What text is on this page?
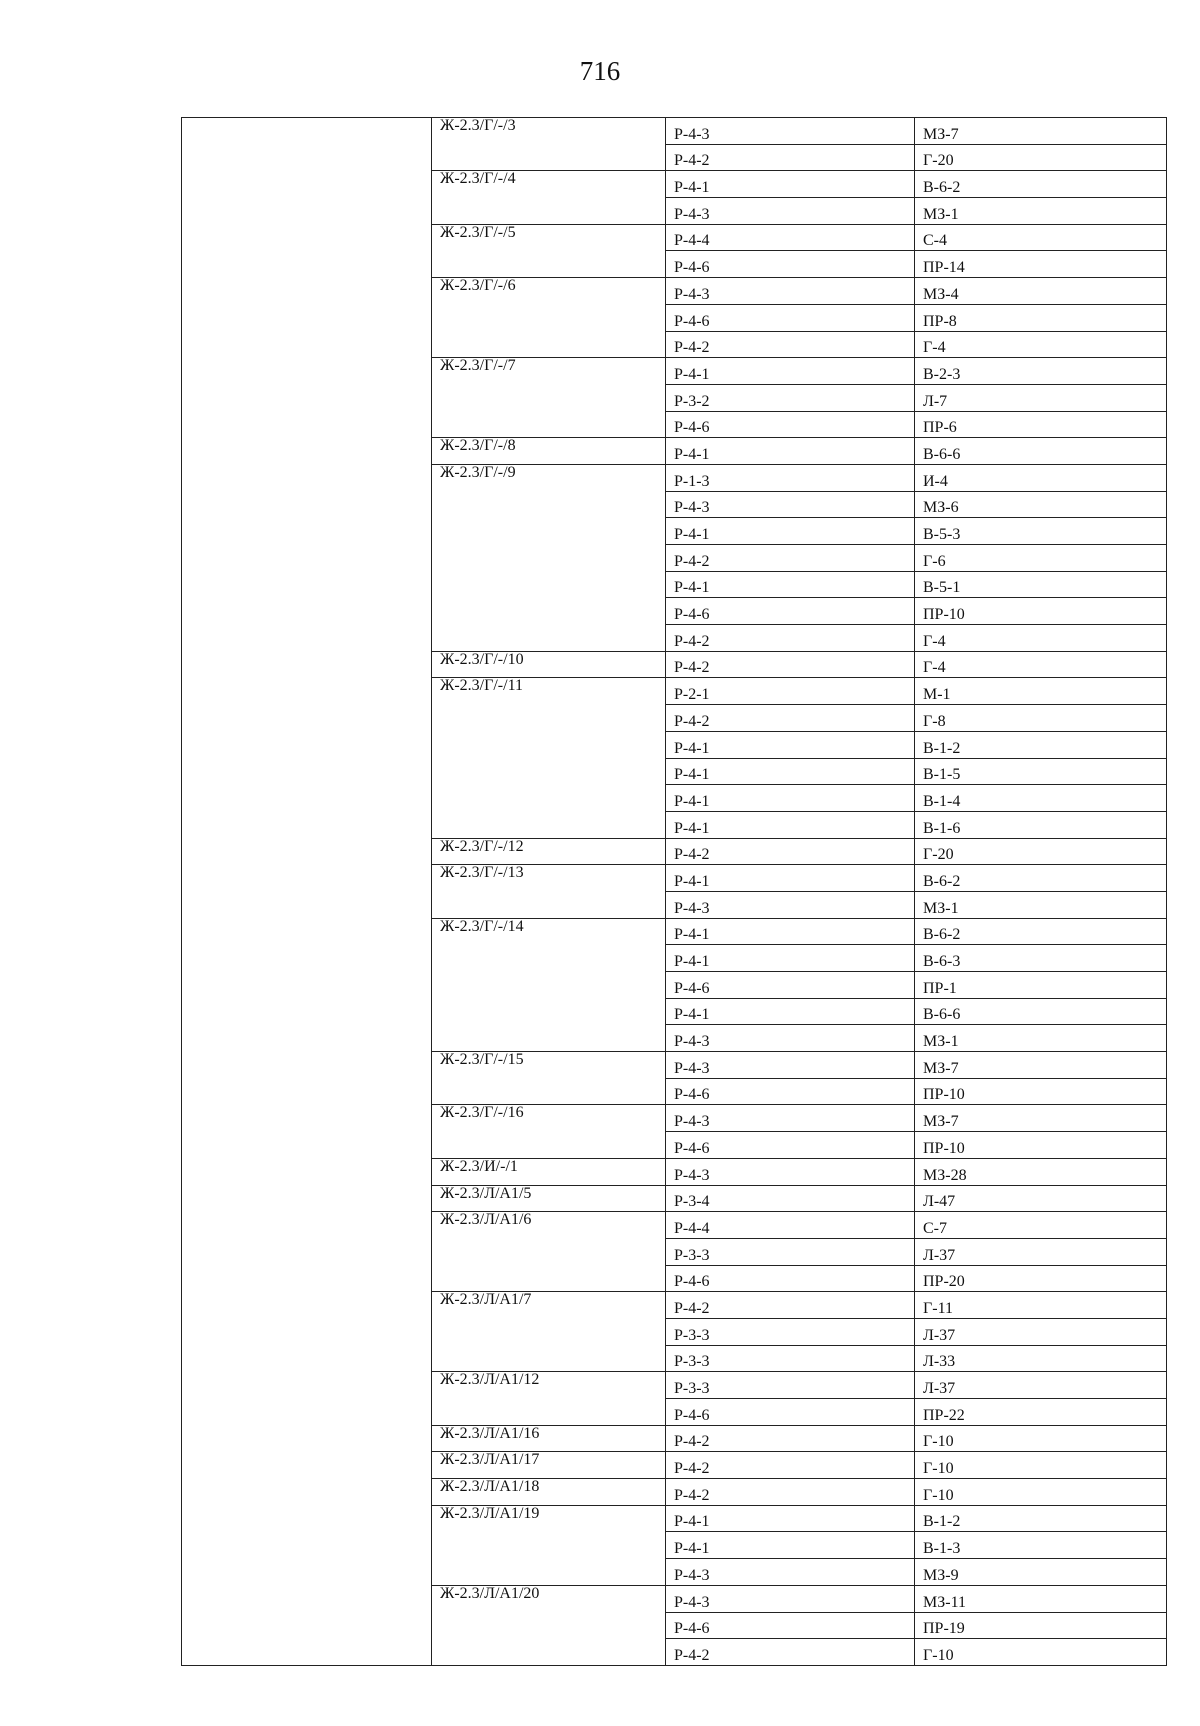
716
	Ж-2.3/Г/-/3	Р-4-3	МЗ-7
		Р-4-2	Г-20
	Ж-2.3/Г/-/4	Р-4-1	В-6-2
		Р-4-3	МЗ-1
	Ж-2.3/Г/-/5	Р-4-4	С-4
		Р-4-6	ПР-14
	Ж-2.3/Г/-/6	Р-4-3	МЗ-4
		Р-4-6	ПР-8
		Р-4-2	Г-4
	Ж-2.3/Г/-/7	Р-4-1	В-2-3
		Р-3-2	Л-7
		Р-4-6	ПР-6
	Ж-2.3/Г/-/8	Р-4-1	В-6-6
	Ж-2.3/Г/-/9	Р-1-3	И-4
		Р-4-3	МЗ-6
		Р-4-1	В-5-3
		Р-4-2	Г-6
		Р-4-1	В-5-1
		Р-4-6	ПР-10
		Р-4-2	Г-4
	Ж-2.3/Г/-/10	Р-4-2	Г-4
	Ж-2.3/Г/-/11	Р-2-1	М-1
		Р-4-2	Г-8
		Р-4-1	В-1-2
		Р-4-1	В-1-5
		Р-4-1	В-1-4
		Р-4-1	В-1-6
	Ж-2.3/Г/-/12	Р-4-2	Г-20
	Ж-2.3/Г/-/13	Р-4-1	В-6-2
		Р-4-3	МЗ-1
	Ж-2.3/Г/-/14	Р-4-1	В-6-2
		Р-4-1	В-6-3
		Р-4-6	ПР-1
		Р-4-1	В-6-6
		Р-4-3	МЗ-1
	Ж-2.3/Г/-/15	Р-4-3	МЗ-7
		Р-4-6	ПР-10
	Ж-2.3/Г/-/16	Р-4-3	МЗ-7
		Р-4-6	ПР-10
	Ж-2.3/И/-/1	Р-4-3	МЗ-28
	Ж-2.3/Л/А1/5	Р-3-4	Л-47
	Ж-2.3/Л/А1/6	Р-4-4	С-7
		Р-3-3	Л-37
		Р-4-6	ПР-20
	Ж-2.3/Л/А1/7	Р-4-2	Г-11
		Р-3-3	Л-37
		Р-3-3	Л-33
	Ж-2.3/Л/А1/12	Р-3-3	Л-37
		Р-4-6	ПР-22
	Ж-2.3/Л/А1/16	Р-4-2	Г-10
	Ж-2.3/Л/А1/17	Р-4-2	Г-10
	Ж-2.3/Л/А1/18	Р-4-2	Г-10
	Ж-2.3/Л/А1/19	Р-4-1	В-1-2
		Р-4-1	В-1-3
		Р-4-3	МЗ-9
	Ж-2.3/Л/А1/20	Р-4-3	МЗ-11
		Р-4-6	ПР-19
		Р-4-2	Г-10
